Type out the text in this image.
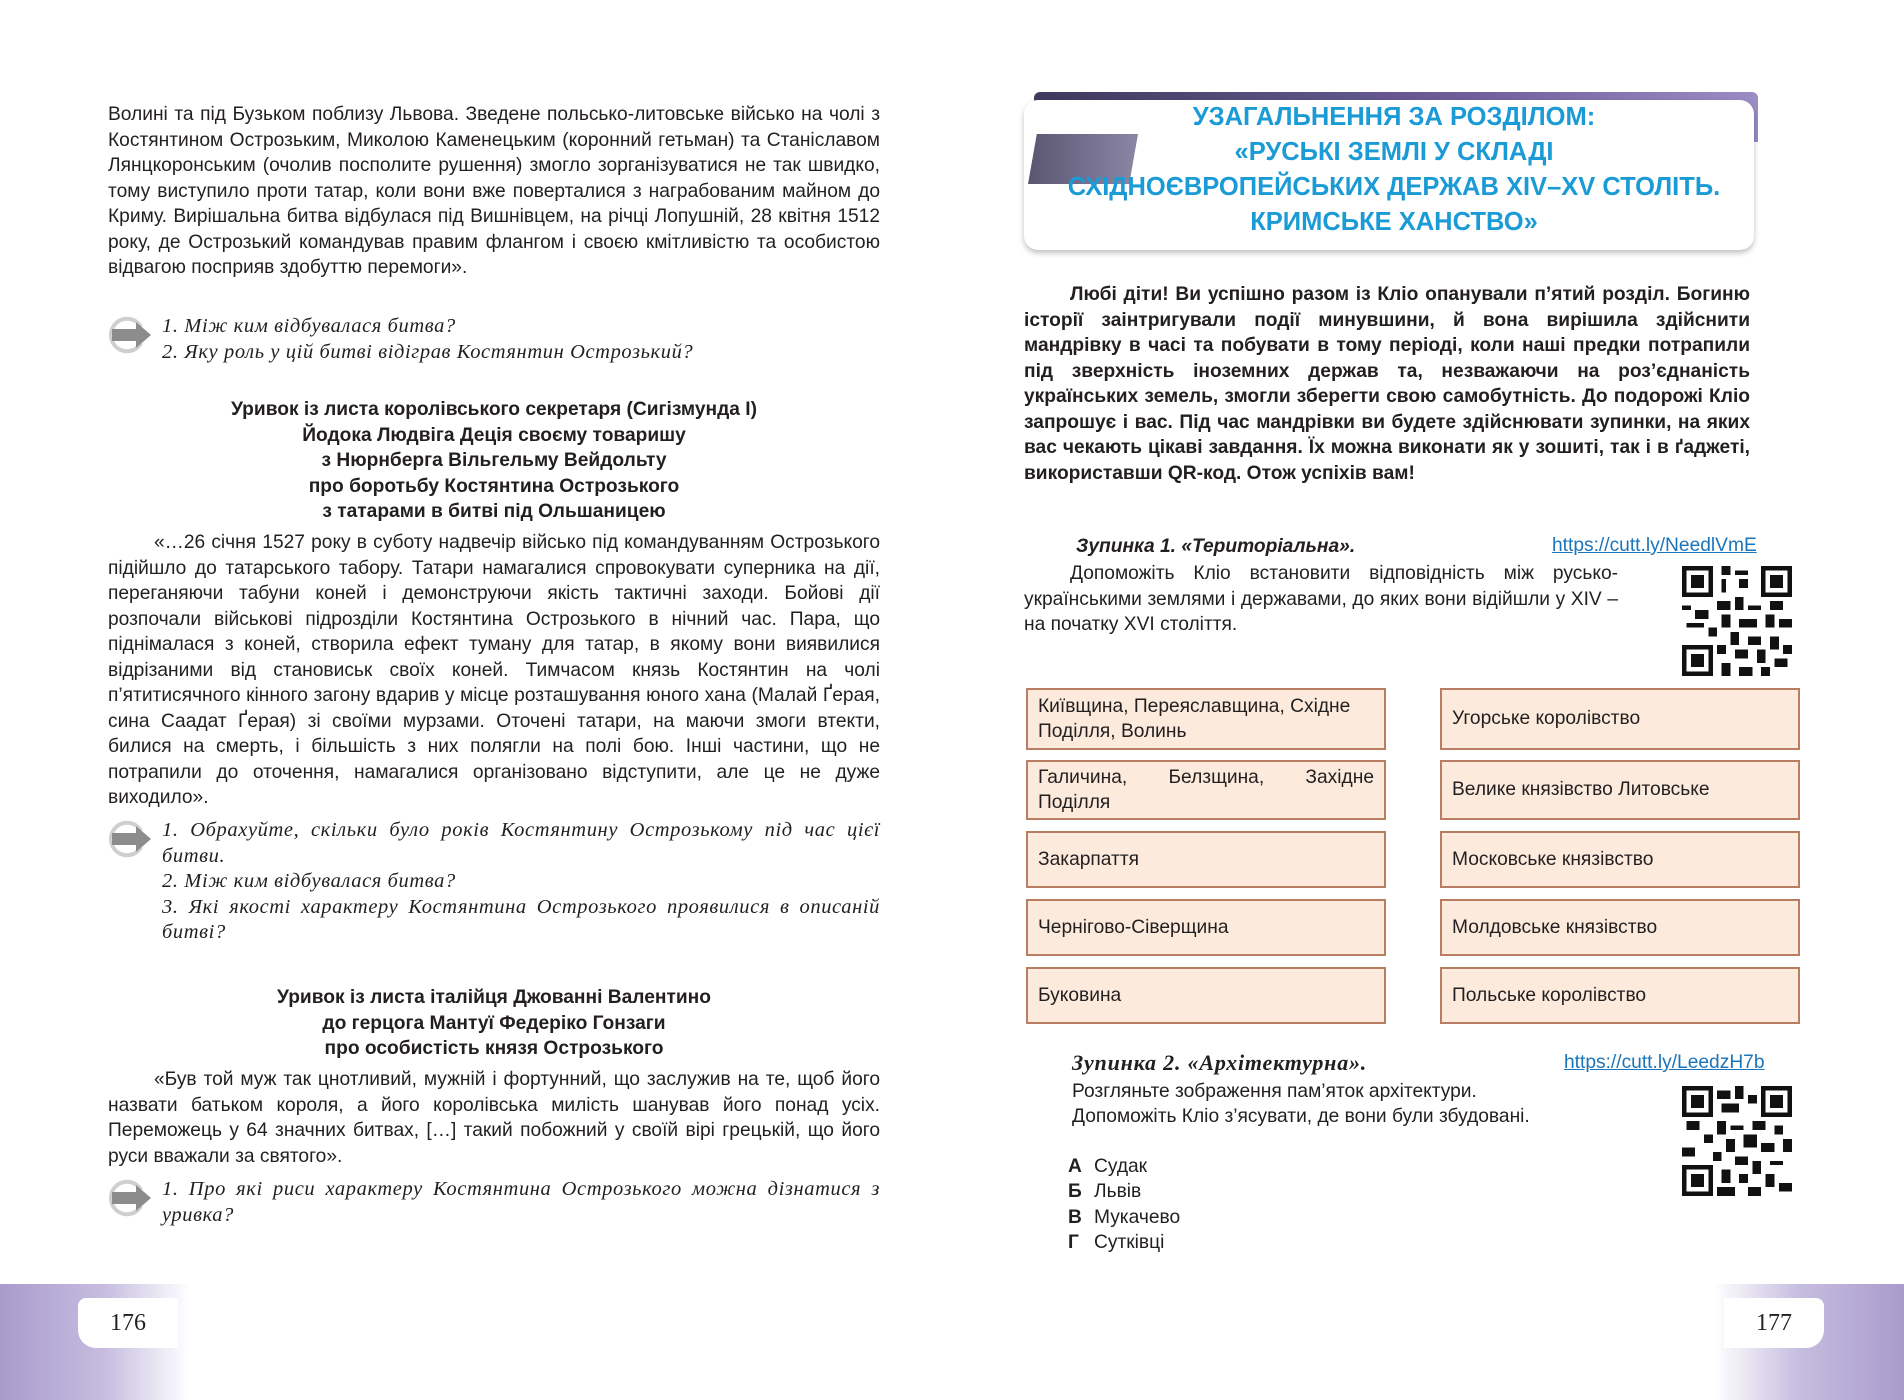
Волині та під Бузьком поблизу Львова. Зведене польсько-литовське військо на чолі з Костянтином Острозьким, Миколою Каменецьким (коронний гетьман) та Станіславом Лянцкоронським (очолив посполите рушення) змогло зорганізуватися не так швидко, тому виступило проти татар, коли вони вже поверталися з награбованим майном до Криму. Вирішальна битва відбулася під Вишнівцем, на річці Лопушній, 28 квітня 1512 року, де Острозький командував правим флангом і своєю кмітливістю та особистою відвагою посприяв здобуттю перемоги».

1. Між ким відбувалася битва?
2. Яку роль у цій битві відіграв Костянтин Острозький?
Уривок із листа королівського секретаря (Сигізмунда I)
Йодока Людвіга Деція своєму товаришу
з Нюрнберга Вільгельму Вейдольту
про боротьбу Костянтина Острозького
з татарами в битві під Ольшаницею

«…26 січня 1527 року в суботу надвечір військо під командуванням Острозького підійшло до татарського табору. Татари намагалися спровокувати суперника на дії, переганяючи табуни коней і демонструючи якість тактичні заходи. Бойові дії розпочали військові підрозділи Костянтина Острозького в нічний час. Пара, що піднімалася з коней, створила ефект туману для татар, в якому вони виявилися відрізаними від становиськ своїх коней. Тимчасом князь Костянтин на чолі п’ятитисячного кінного загону вдарив у місце розташування юного хана (Малай Ґерая, сина Саадат Ґерая) зі своїми мурзами. Оточені татари, на маючи змоги втекти, билися на смерть, і більшість з них полягли на полі бою. Інші частини, що не потрапили до оточення, намагалися організовано відступити, але це не дуже виходило».

1. Обрахуйте, скільки було років Костянтину Острозькому під час цієї битви.
2. Між ким відбувалася битва?
3. Які якості характеру Костянтина Острозького проявилися в описаній битві?
Уривок із листа італійця Джованні Валентино
до герцога Мантуї Федеріко Гонзаги
про особистість князя Острозького

«Був той муж так цнотливий, мужній і фортунний, що заслужив на те, щоб його назвати батьком короля, а його королівська милість шанував його понад усіх. Переможець у 64 значних битвах, […] такий побожний у своїй вірі грецькій, що його руси вважали за святого».

1. Про які риси характеру Костянтина Острозького можна дізнатися з уривка?
176
УЗАГАЛЬНЕННЯ ЗА РОЗДІЛОМ:
«РУСЬКІ ЗЕМЛІ У СКЛАДІ
СХІДНОЄВРОПЕЙСЬКИХ ДЕРЖАВ XIV–XV СТОЛІТЬ.
КРИМСЬКЕ ХАНСТВО»

Любі діти! Ви успішно разом із Кліо опанували п’ятий розділ. Богиню історії заінтригували події минувшини, й вона вирішила здійснити мандрівку в часі та побувати в тому періоді, коли наші предки потрапили під зверхність іноземних держав та, незважаючи на роз’єднаність українських земель, змогли зберегти свою самобутність. До подорожі Кліо запрошує і вас. Під час мандрівки ви будете здійснювати зупинки, на яких вас чекають цікаві завдання. Їх можна виконати як у зошиті, так і в ґаджеті, використавши QR-код. Отож успіхів вам!

Зупинка 1. «Територіальна».	https://cutt.ly/NeedlVmE
Допоможіть Кліо встановити відповідність між русько-українськими землями і державами, до яких вони відійшли у XIV – на початку XVI століття.
Київщина, Переяславщина, Східне Поділля, Волинь
Галичина, Белзщина, Західне Поділля
Закарпаття
Чернігово-Сіверщина
Буковина
Угорське королівство
Велике князівство Литовське
Московське князівство
Молдовське князівство
Польське королівство
Зупинка 2. «Архітектурна».	https://cutt.ly/LeedzH7b
Розгляньте зображення пам’яток архітектури.
Допоможіть Кліо з’ясувати, де вони були збудовані.
А Судак
Б Львів
В Мукачево
Г Сутківці
177
